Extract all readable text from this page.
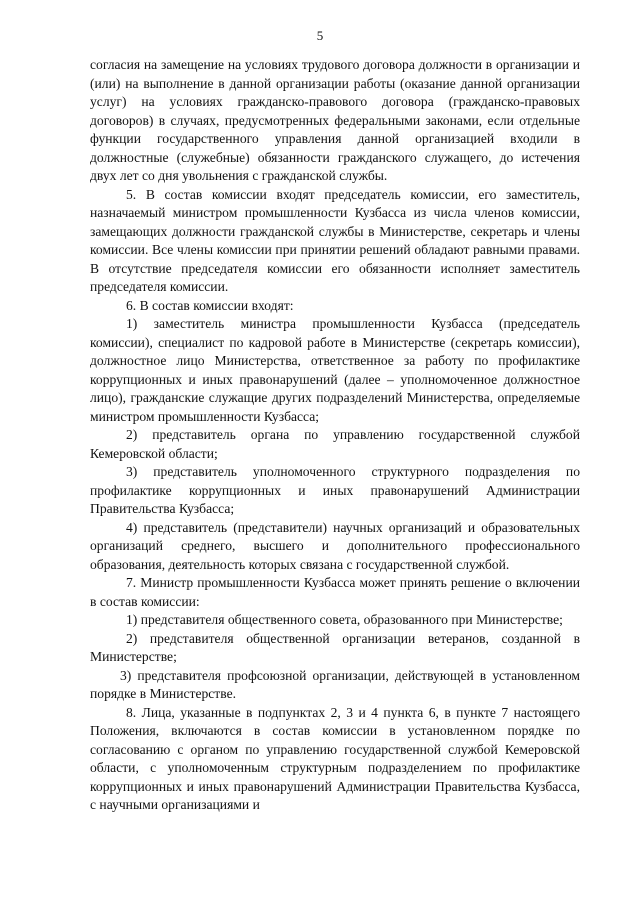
5

согласия на замещение на условиях трудового договора должности в организации и (или) на выполнение в данной организации работы (оказание данной организации услуг) на условиях гражданско-правового договора (гражданско-правовых договоров) в случаях, предусмотренных федеральными законами, если отдельные функции государственного управления данной организацией входили в должностные (служебные) обязанности гражданского служащего, до истечения двух лет со дня увольнения с гражданской службы.

5. В состав комиссии входят председатель комиссии, его заместитель, назначаемый министром промышленности Кузбасса из числа членов комиссии, замещающих должности гражданской службы в Министерстве, секретарь и члены комиссии. Все члены комиссии при принятии решений обладают равными правами. В отсутствие председателя комиссии его обязанности исполняет заместитель председателя комиссии.

6. В состав комиссии входят:

1) заместитель министра промышленности Кузбасса (председатель комиссии), специалист по кадровой работе в Министерстве (секретарь комиссии), должностное лицо Министерства, ответственное за работу по профилактике коррупционных и иных правонарушений (далее – уполномоченное должностное лицо), гражданские служащие других подразделений Министерства, определяемые министром промышленности Кузбасса;

2) представитель органа по управлению государственной службой Кемеровской области;

3) представитель уполномоченного структурного подразделения по профилактике коррупционных и иных правонарушений Администрации Правительства Кузбасса;

4) представитель (представители) научных организаций и образовательных организаций среднего, высшего и дополнительного профессионального образования, деятельность которых связана с государственной службой.

7. Министр промышленности Кузбасса может принять решение о включении в состав комиссии:

1) представителя общественного совета, образованного при Министерстве;

2) представителя общественной организации ветеранов, созданной в Министерстве;

3) представителя профсоюзной организации, действующей в установленном порядке в Министерстве.

8. Лица, указанные в подпунктах 2, 3 и 4 пункта 6, в пункте 7 настоящего Положения, включаются в состав комиссии в установленном порядке по согласованию с органом по управлению государственной службой Кемеровской области, с уполномоченным структурным подразделением по профилактике коррупционных и иных правонарушений Администрации Правительства Кузбасса, с научными организациями и
